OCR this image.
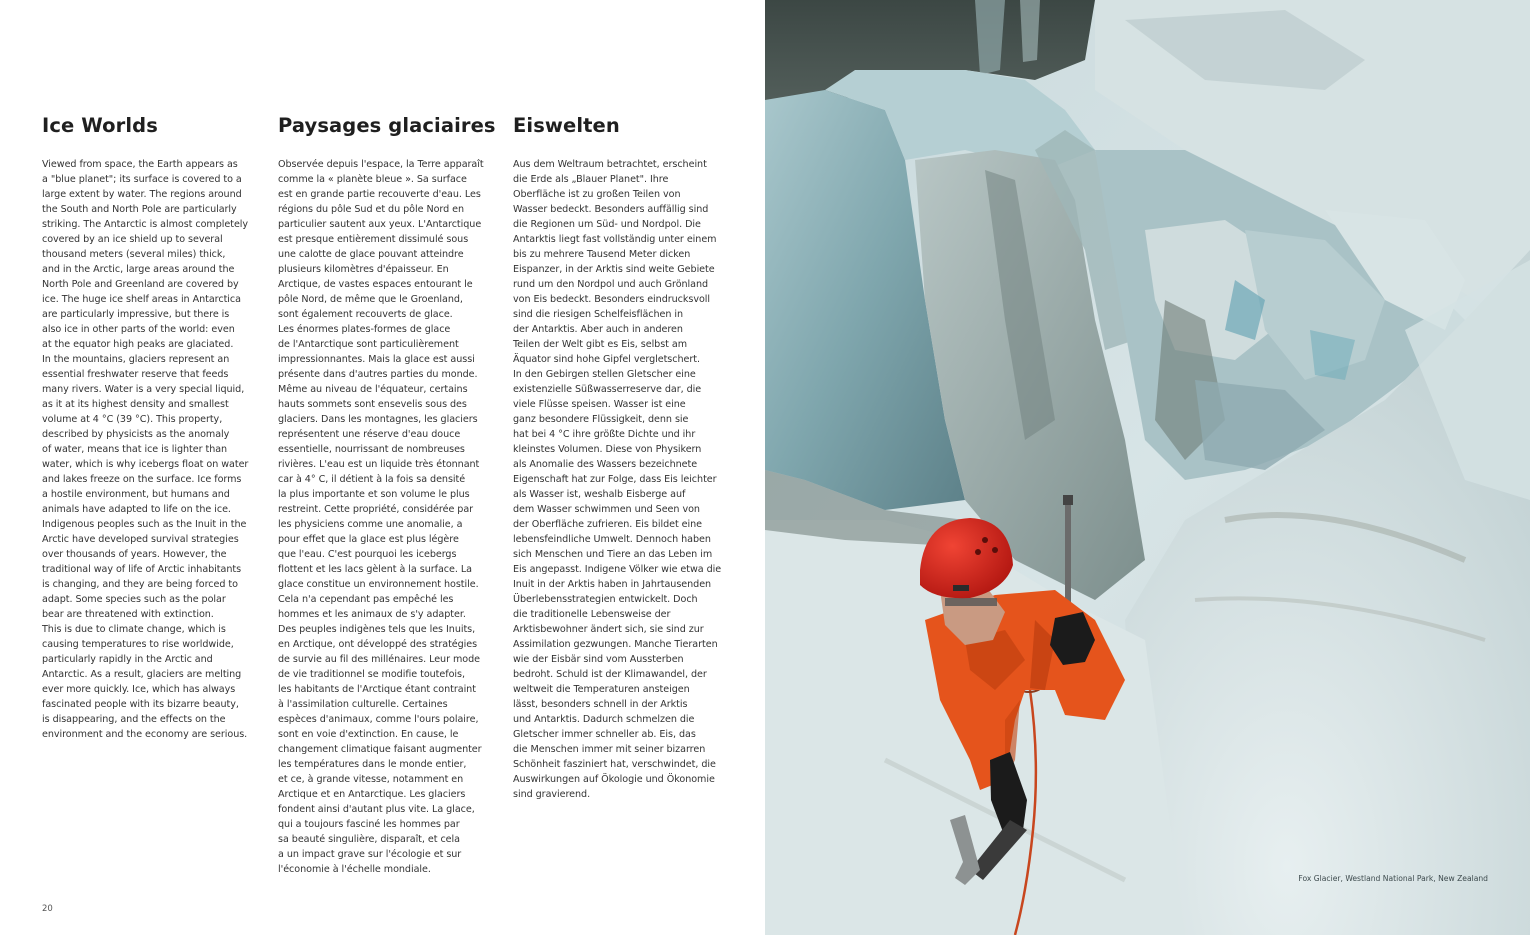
Ice Worlds
Viewed from space, the Earth appears as
a "blue planet"; its surface is covered to a
large extent by water. The regions around
the South and North Pole are particularly
striking. The Antarctic is almost completely
covered by an ice shield up to several
thousand meters (several miles) thick,
and in the Arctic, large areas around the
North Pole and Greenland are covered by
ice. The huge ice shelf areas in Antarctica
are particularly impressive, but there is
also ice in other parts of the world: even
at the equator high peaks are glaciated.
In the mountains, glaciers represent an
essential freshwater reserve that feeds
many rivers. Water is a very special liquid,
as it at its highest density and smallest
volume at 4 °C (39 °C). This property,
described by physicists as the anomaly
of water, means that ice is lighter than
water, which is why icebergs float on water
and lakes freeze on the surface. Ice forms
a hostile environment, but humans and
animals have adapted to life on the ice.
Indigenous peoples such as the Inuit in the
Arctic have developed survival strategies
over thousands of years. However, the
traditional way of life of Arctic inhabitants
is changing, and they are being forced to
adapt. Some species such as the polar
bear are threatened with extinction.
This is due to climate change, which is
causing temperatures to rise worldwide,
particularly rapidly in the Arctic and
Antarctic. As a result, glaciers are melting
ever more quickly. Ice, which has always
fascinated people with its bizarre beauty,
is disappearing, and the effects on the
environment and the economy are serious.
Paysages glaciaires
Observée depuis l'espace, la Terre apparaît
comme la « planète bleue ». Sa surface
est en grande partie recouverte d'eau. Les
régions du pôle Sud et du pôle Nord en
particulier sautent aux yeux. L'Antarctique
est presque entièrement dissimulé sous
une calotte de glace pouvant atteindre
plusieurs kilomètres d'épaisseur. En
Arctique, de vastes espaces entourant le
pôle Nord, de même que le Groenland,
sont également recouverts de glace.
Les énormes plates-formes de glace
de l'Antarctique sont particulièrement
impressionnantes. Mais la glace est aussi
présente dans d'autres parties du monde.
Même au niveau de l'équateur, certains
hauts sommets sont ensevelis sous des
glaciers. Dans les montagnes, les glaciers
représentent une réserve d'eau douce
essentielle, nourrissant de nombreuses
rivières. L'eau est un liquide très étonnant
car à 4° C, il détient à la fois sa densité
la plus importante et son volume le plus
restreint. Cette propriété, considérée par
les physiciens comme une anomalie, a
pour effet que la glace est plus légère
que l'eau. C'est pourquoi les icebergs
flottent et les lacs gèlent à la surface. La
glace constitue un environnement hostile.
Cela n'a cependant pas empêché les
hommes et les animaux de s'y adapter.
Des peuples indigènes tels que les Inuits,
en Arctique, ont développé des stratégies
de survie au fil des millénaires. Leur mode
de vie traditionnel se modifie toutefois,
les habitants de l'Arctique étant contraint
à l'assimilation culturelle. Certaines
espèces d'animaux, comme l'ours polaire,
sont en voie d'extinction. En cause, le
changement climatique faisant augmenter
les températures dans le monde entier,
et ce, à grande vitesse, notamment en
Arctique et en Antarctique. Les glaciers
fondent ainsi d'autant plus vite. La glace,
qui a toujours fasciné les hommes par
sa beauté singulière, disparaît, et cela
a un impact grave sur l'écologie et sur
l'économie à l'échelle mondiale.
Eiswelten
Aus dem Weltraum betrachtet, erscheint
die Erde als „Blauer Planet". Ihre
Oberfläche ist zu großen Teilen von
Wasser bedeckt. Besonders auffällig sind
die Regionen um Süd- und Nordpol. Die
Antarktis liegt fast vollständig unter einem
bis zu mehrere Tausend Meter dicken
Eispanzer, in der Arktis sind weite Gebiete
rund um den Nordpol und auch Grönland
von Eis bedeckt. Besonders eindrucksvoll
sind die riesigen Schelfeisflächen in
der Antarktis. Aber auch in anderen
Teilen der Welt gibt es Eis, selbst am
Äquator sind hohe Gipfel vergletschert.
In den Gebirgen stellen Gletscher eine
existenzielle Süßwasserreserve dar, die
viele Flüsse speisen. Wasser ist eine
ganz besondere Flüssigkeit, denn sie
hat bei 4 °C ihre größte Dichte und ihr
kleinstes Volumen. Diese von Physikern
als Anomalie des Wassers bezeichnete
Eigenschaft hat zur Folge, dass Eis leichter
als Wasser ist, weshalb Eisberge auf
dem Wasser schwimmen und Seen von
der Oberfläche zufrieren. Eis bildet eine
lebensfeindliche Umwelt. Dennoch haben
sich Menschen und Tiere an das Leben im
Eis angepasst. Indigene Völker wie etwa die
Inuit in der Arktis haben in Jahrtausenden
Überlebensstrategien entwickelt. Doch
die traditionelle Lebensweise der
Arktisbewohner ändert sich, sie sind zur
Assimilation gezwungen. Manche Tierarten
wie der Eisbär sind vom Aussterben
bedroht. Schuld ist der Klimawandel, der
weltweit die Temperaturen ansteigen
lässt, besonders schnell in der Arktis
und Antarktis. Dadurch schmelzen die
Gletscher immer schneller ab. Eis, das
die Menschen immer mit seiner bizarren
Schönheit fasziniert hat, verschwindet, die
Auswirkungen auf Ökologie und Ökonomie
sind gravierend.
20
Fox Glacier, Westland National Park, New Zealand
